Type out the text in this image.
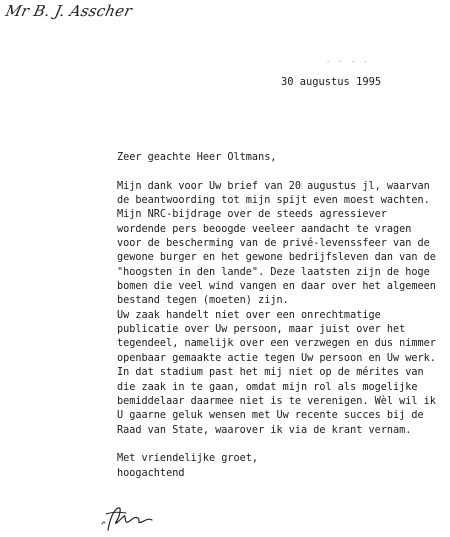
Mr B. J. Asscher
· · · ·
30 augustus 1995
Zeer geachte Heer Oltmans,
Mijn dank voor Uw brief van 20 augustus jl, waarvan
de beantwoording tot mijn spijt even moest wachten.
Mijn NRC-bijdrage over de steeds agressiever
wordende pers beoogde veeleer aandacht te vragen
voor de bescherming van de privé-levenssfeer van de
gewone burger en het gewone bedrijfsleven dan van de
"hoogsten in den lande". Deze laatsten zijn de hoge
bomen die veel wind vangen en daar over het algemeen
bestand tegen (moeten) zijn.
Uw zaak handelt niet over een onrechtmatige
publicatie over Uw persoon, maar juist over het
tegendeel, namelijk over een verzwegen en dus nimmer
openbaar gemaakte actie tegen Uw persoon en Uw werk.
In dat stadium past het mij niet op de mérites van
die zaak in te gaan, omdat mijn rol als mogelijke
bemiddelaar daarmee niet is te verenigen. Wèl wil ik
U gaarne geluk wensen met Uw recente succes bij de
Raad van State, waarover ik via de krant vernam.
Met vriendelijke groet,
hoogachtend
